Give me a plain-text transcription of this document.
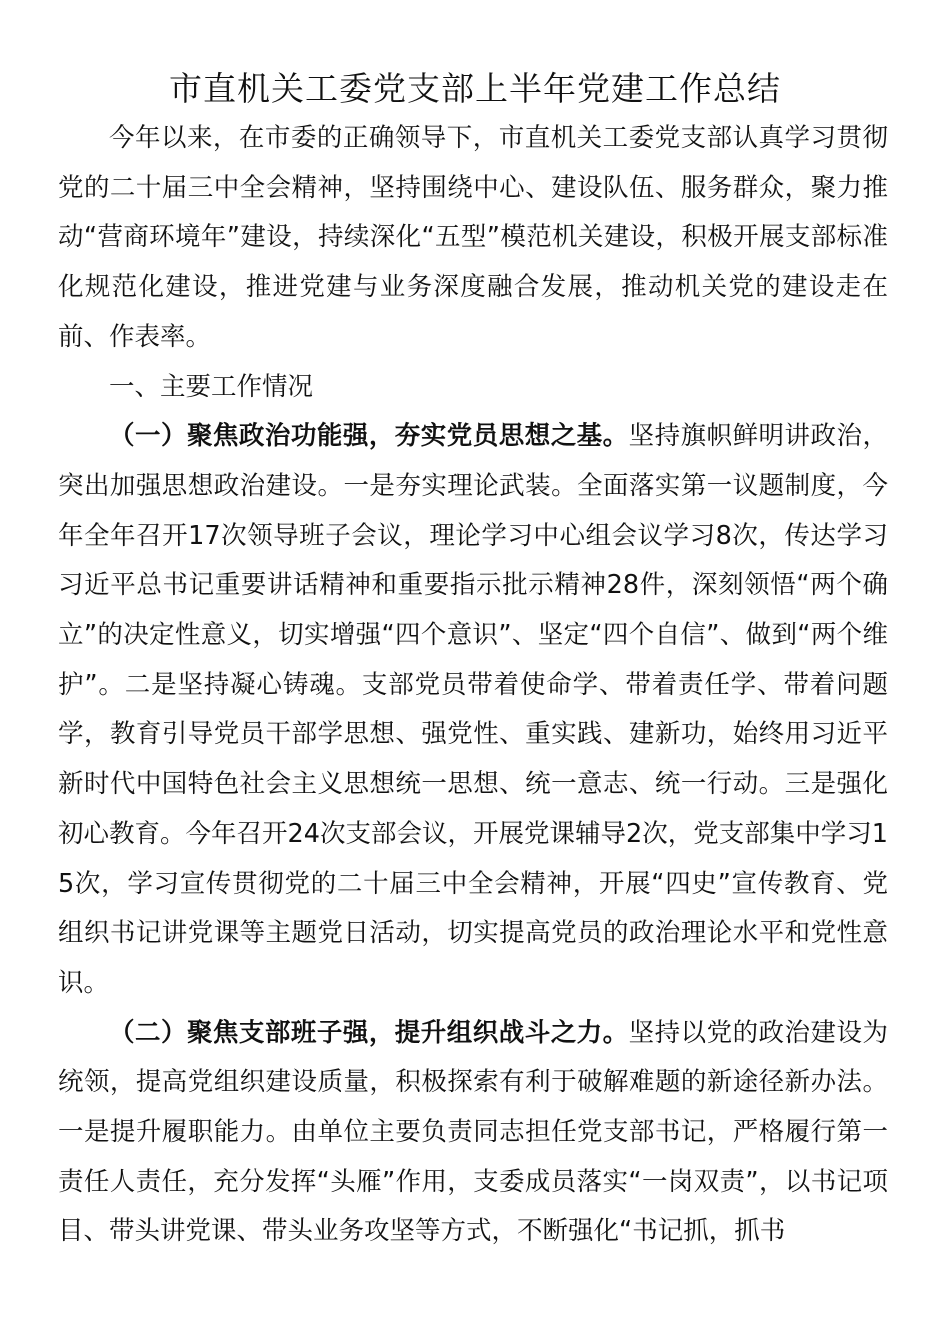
市直机关工委党支部上半年党建工作总结

今年以来，在市委的正确领导下，市直机关工委党支部认真学习贯彻党的二十届三中全会精神，坚持围绕中心、建设队伍、服务群众，聚力推动“营商环境年”建设，持续深化“五型”模范机关建设，积极开展支部标准化规范化建设，推进党建与业务深度融合发展，推动机关党的建设走在前、作表率。

一、主要工作情况

（一）聚焦政治功能强，夯实党员思想之基。坚持旗帜鲜明讲政治，突出加强思想政治建设。一是夯实理论武装。全面落实第一议题制度，今年全年召开17次领导班子会议，理论学习中心组会议学习8次，传达学习习近平总书记重要讲话精神和重要指示批示精神28件，深刻领悟“两个确立”的决定性意义，切实增强“四个意识”、坚定“四个自信”、做到“两个维护”。二是坚持凝心铸魂。支部党员带着使命学、带着责任学、带着问题学，教育引导党员干部学思想、强党性、重实践、建新功，始终用习近平新时代中国特色社会主义思想统一思想、统一意志、统一行动。三是强化初心教育。今年召开24次支部会议，开展党课辅导2次，党支部集中学习15次，学习宣传贯彻党的二十届三中全会精神，开展“四史”宣传教育、党组织书记讲党课等主题党日活动，切实提高党员的政治理论水平和党性意识。

（二）聚焦支部班子强，提升组织战斗之力。坚持以党的政治建设为统领，提高党组织建设质量，积极探索有利于破解难题的新途径新办法。一是提升履职能力。由单位主要负责同志担任党支部书记，严格履行第一责任人责任，充分发挥“头雁”作用，支委成员落实“一岗双责”，以书记项目、带头讲党课、带头业务攻坚等方式，不断强化“书记抓，抓书
